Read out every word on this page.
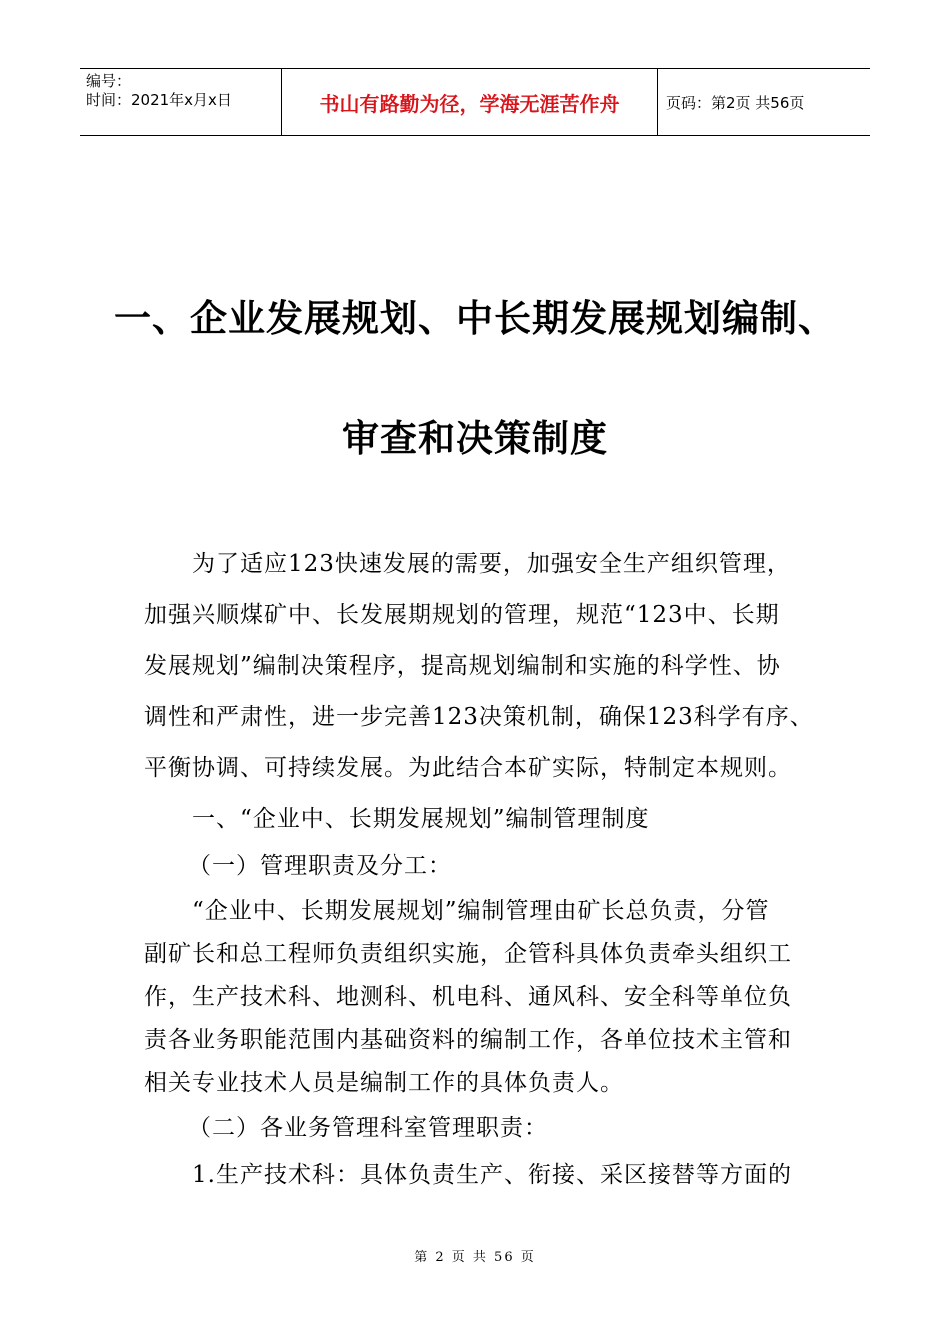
编号：
时间：2021年x月x日	书山有路勤为径，学海无涯苦作舟	页码：第2页 共56页
一、企业发展规划、中长期发展规划编制、
审查和决策制度
为了适应123快速发展的需要，加强安全生产组织管理，
加强兴顺煤矿中、长发展期规划的管理，规范“123中、长期
发展规划”编制决策程序，提高规划编制和实施的科学性、协
调性和严肃性，进一步完善123决策机制，确保123科学有序、
平衡协调、可持续发展。为此结合本矿实际，特制定本规则。
一、“企业中、长期发展规划”编制管理制度
（一）管理职责及分工：
“企业中、长期发展规划”编制管理由矿长总负责，分管
副矿长和总工程师负责组织实施，企管科具体负责牵头组织工
作，生产技术科、地测科、机电科、通风科、安全科等单位负
责各业务职能范围内基础资料的编制工作，各单位技术主管和
相关专业技术人员是编制工作的具体负责人。
（二）各业务管理科室管理职责：
1.生产技术科：具体负责生产、衔接、采区接替等方面的
第 2 页 共 56 页
